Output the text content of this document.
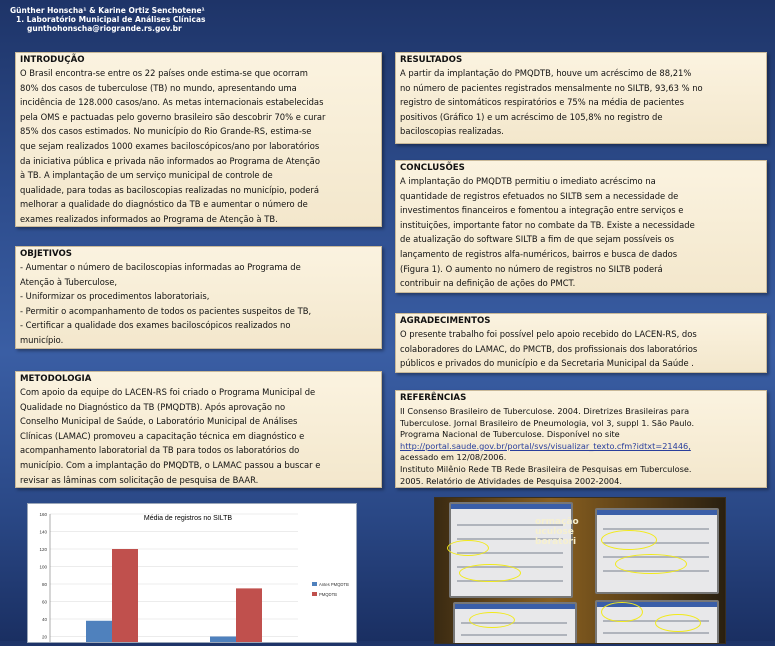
Günther Honscha¹ & Karine Ortiz Senchotene¹
1. Laboratório Municipal de Análises Clínicas
gunthohonscha@riogrande.rs.gov.br
INTRODUÇÃO

O Brasil encontra-se entre os 22 países onde estima-se que ocorram

80% dos casos de tuberculose (TB) no mundo, apresentando uma

incidência de 128.000 casos/ano. As metas internacionais estabelecidas

pela OMS e pactuadas pelo governo brasileiro são descobrir 70% e curar

85% dos casos estimados. No município do Rio Grande-RS, estima-se

que sejam realizados 1000 exames baciloscópicos/ano por laboratórios

da iniciativa pública e privada não informados ao Programa de Atenção

à TB. A implantação de um serviço municipal de controle de

qualidade, para todas as baciloscopias realizadas no município, poderá

melhorar a qualidade do diagnóstico da TB e aumentar o número de

exames realizados informados ao Programa de Atenção à TB.

OBJETIVOS

- Aumentar o número de baciloscopias informadas ao Programa de

Atenção à Tuberculose,

- Uniformizar os procedimentos laboratoriais,

- Permitir o acompanhamento de todos os pacientes suspeitos de TB,

- Certificar a qualidade dos exames baciloscópicos realizados no

município.

METODOLOGIA

Com apoio da equipe do LACEN-RS foi criado o Programa Municipal de

Qualidade no Diagnóstico da TB (PMQDTB). Após aprovação no

Conselho Municipal de Saúde, o Laboratório Municipal de Análises

Clínicas (LAMAC) promoveu a capacitação técnica em diagnóstico e

acompanhamento laboratorial da TB para todos os laboratórios do

município. Com a implantação do PMQDTB, o LAMAC passou a buscar e

revisar as lâminas com solicitação de pesquisa de BAAR.

RESULTADOS

A partir da implantação do PMQDTB, houve um acréscimo de 88,21%

no número de pacientes registrados mensalmente no SILTB, 93,63 % no

registro de sintomáticos respiratórios e 75% na média de pacientes

positivos (Gráfico 1) e um acréscimo de 105,8% no registro de

baciloscopias realizadas.

CONCLUSÕES

A implantação do PMQDTB permitiu o imediato acréscimo na

quantidade de registros efetuados no SILTB sem a necessidade de

investimentos financeiros e fomentou a integração entre serviços e

instituições, importante fator no combate da TB. Existe a necessidade

de atualização do software SILTB a fim de que sejam possíveis os

lançamento de registros alfa-numéricos, bairros e busca de dados

(Figura 1). O aumento no número de registros no SILTB poderá

contribuir na definição de ações do PMCT.

AGRADECIMENTOS

O presente trabalho foi possível pelo apoio recebido do LACEN-RS, dos

colaboradores do LAMAC, do PMCTB, dos profissionais dos laboratórios

públicos e privados do município e da Secretaria Municipal da Saúde .

REFERÊNCIAS

II Consenso Brasileiro de Tuberculose. 2004. Diretrizes Brasileiras para

Tuberculose. Jornal Brasileiro de Pneumologia, vol 3, suppl 1. São Paulo.

Programa Nacional de Tuberculose. Disponível no site

http://portal.saude.gov.br/portal/svs/visualizar_texto.cfm?idtxt=21446,

acessado em 12/08/2006.

Instituto Milênio Rede TB Rede Brasileira de Pesquisas em Tuberculose.

2005. Relatório de Atividades de Pesquisa 2002-2004.

Média de registros no SILTB
20
40
60
80
100
120
140
160
Antes PMQDTB
PMQDTB
ormação
uculose
boratori
